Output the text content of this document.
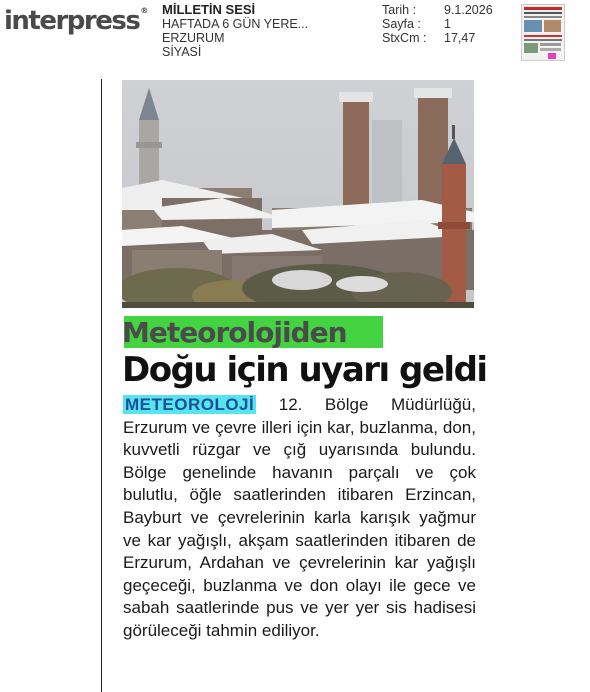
interpress® MİLLETİN SESİ
HAFTADA 6 GÜN YERE...
ERZURUM
SİYASİ
Tarih :	9.1.2026
Sayfa :	1
StxCm :	17,47
Meteorolojiden
Doğu için uyarı geldi
METEOROLOJİ 12. Bölge Müdürlüğü, Erzurum ve çevre illeri için kar, buzlanma, don, kuvvetli rüzgar ve çığ uyarısında bulundu. Bölge genelinde havanın parçalı ve çok bulutlu, öğle saatlerinden itibaren Erzincan, Bayburt ve çevrelerinin karla karışık yağmur ve kar yağışlı, akşam saatlerinden itibaren de Erzurum, Ardahan ve çevrelerinin kar yağışlı geçeceği, buzlanma ve don olayı ile gece ve sabah saatlerinde pus ve yer yer sis hadisesi görüleceği tahmin ediliyor.
